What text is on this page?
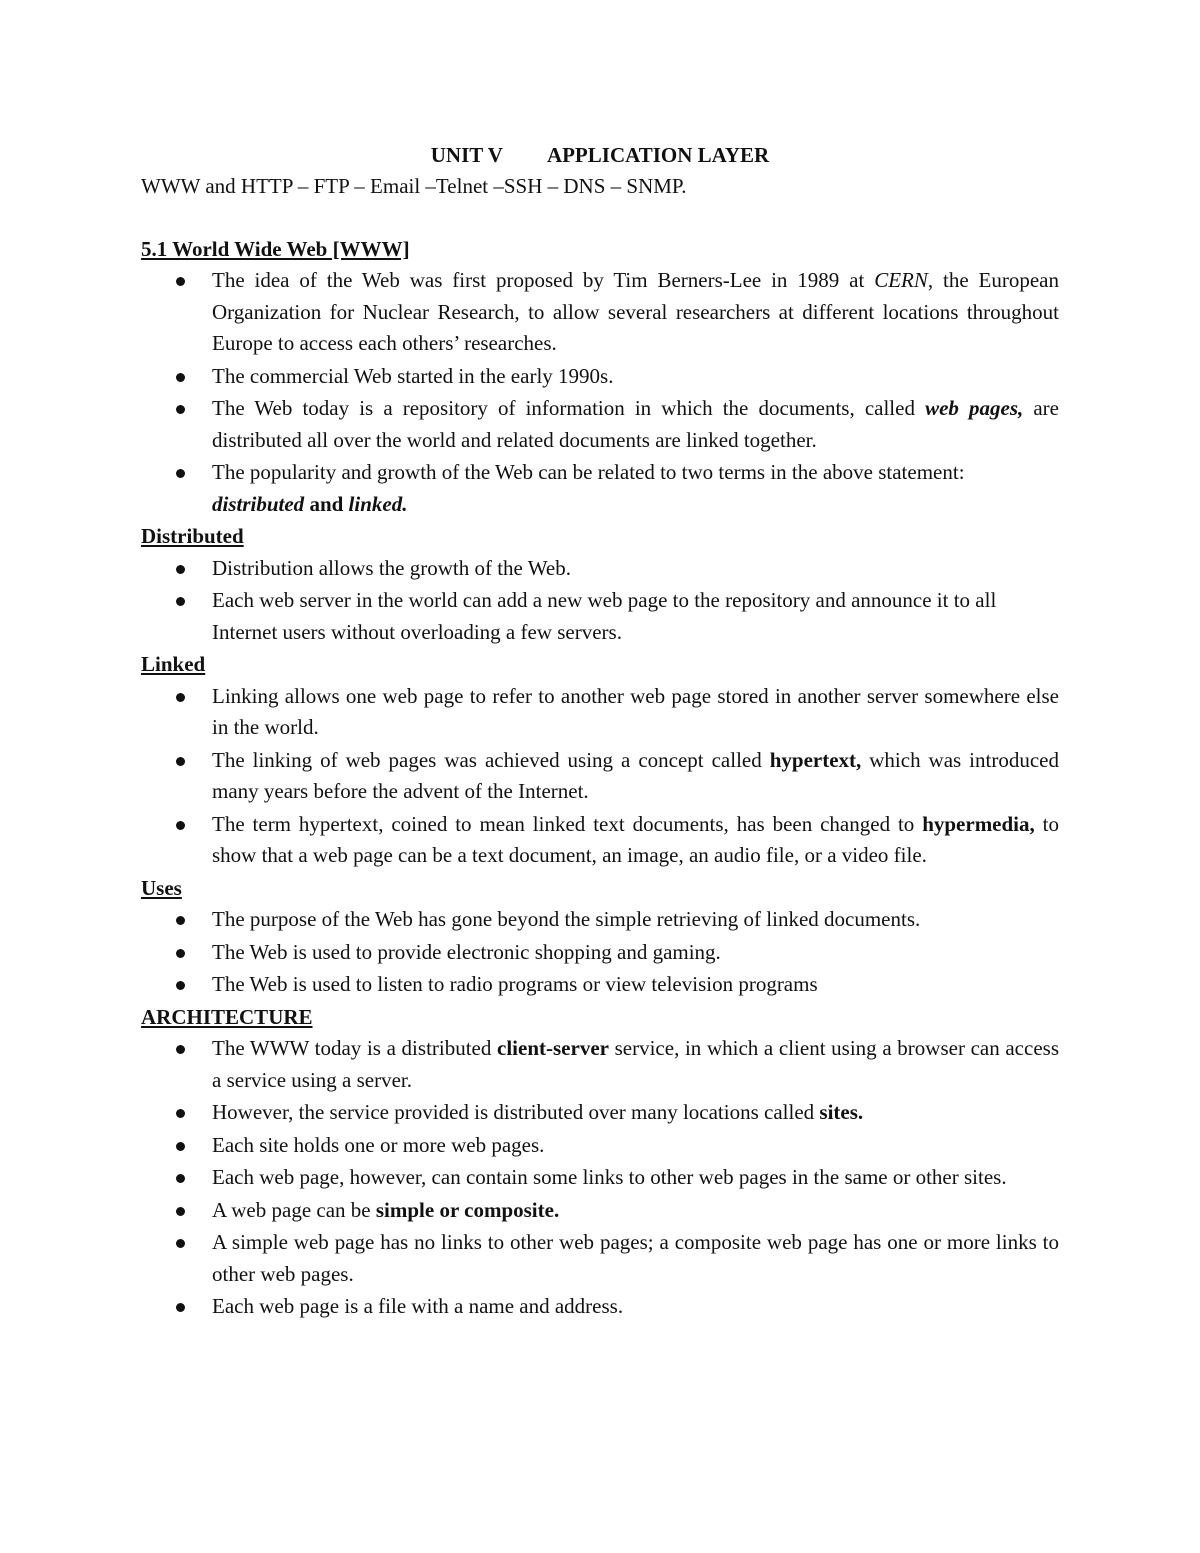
UNIT V APPLICATION LAYER

WWW and HTTP – FTP – Email –Telnet –SSH – DNS – SNMP.

5.1 World Wide Web [WWW]

The idea of the Web was first proposed by Tim Berners-Lee in 1989 at CERN, the European Organization for Nuclear Research, to allow several researchers at different locations throughout Europe to access each others’ researches.
The commercial Web started in the early 1990s.
The Web today is a repository of information in which the documents, called web pages, are distributed all over the world and related documents are linked together.
The popularity and growth of the Web can be related to two terms in the above statement: distributed and linked.

Distributed

Distribution allows the growth of the Web.
Each web server in the world can add a new web page to the repository and announce it to all Internet users without overloading a few servers.

Linked

Linking allows one web page to refer to another web page stored in another server somewhere else in the world.
The linking of web pages was achieved using a concept called hypertext, which was introduced many years before the advent of the Internet.
The term hypertext, coined to mean linked text documents, has been changed to hypermedia, to show that a web page can be a text document, an image, an audio file, or a video file.

Uses

The purpose of the Web has gone beyond the simple retrieving of linked documents.
The Web is used to provide electronic shopping and gaming.
The Web is used to listen to radio programs or view television programs

ARCHITECTURE

The WWW today is a distributed client-server service, in which a client using a browser can access a service using a server.
However, the service provided is distributed over many locations called sites.
Each site holds one or more web pages.
Each web page, however, can contain some links to other web pages in the same or other sites.
A web page can be simple or composite.
A simple web page has no links to other web pages; a composite web page has one or more links to other web pages.
Each web page is a file with a name and address.
